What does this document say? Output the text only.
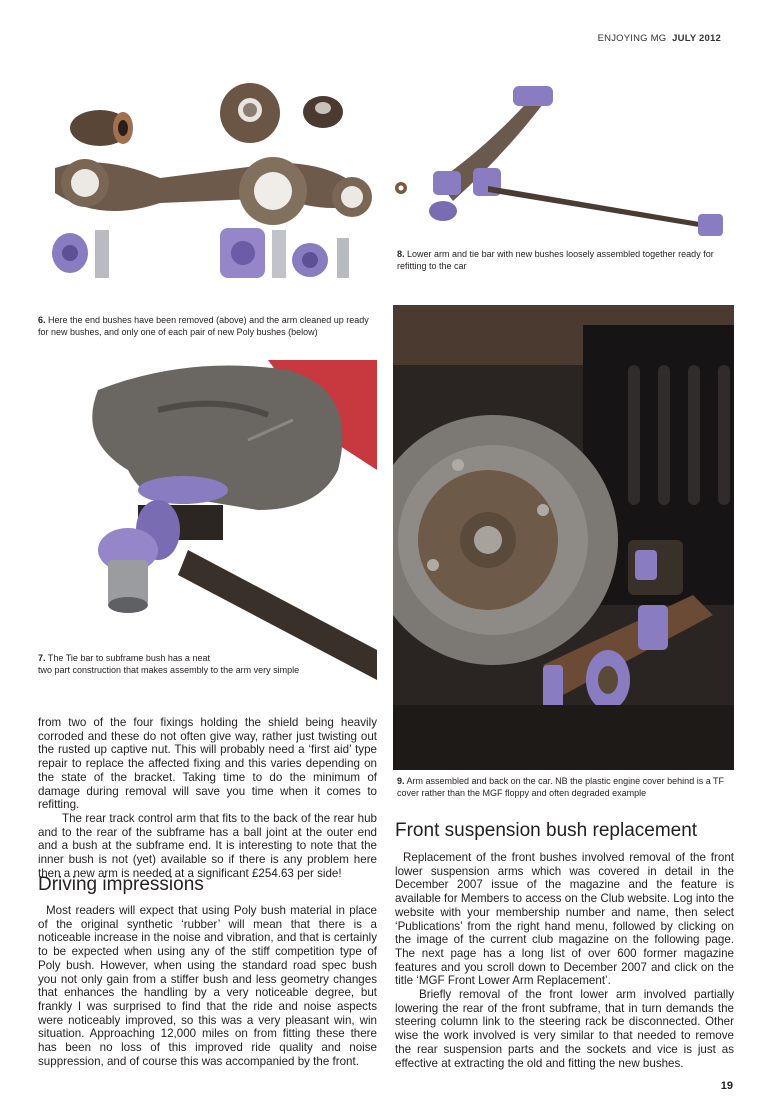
ENJOYING MG JULY 2012
6. Here the end bushes have been removed (above) and the arm cleaned up ready for new bushes, and only one of each pair of new Poly bushes (below)
7. The Tie bar to subframe bush has a neat
two part construction that makes assembly to the arm very simple
8. Lower arm and tie bar with new bushes loosely assembled together ready for refitting to the car
9. Arm assembled and back on the car. NB the plastic engine cover behind is a TF cover rather than the MGF floppy and often degraded example

from two of the four fixings holding the shield being heavily corroded and these do not often give way, rather just twisting out the rusted up captive nut. This will probably need a ‘first aid’ type repair to replace the affected fixing and this varies depending on the state of the bracket. Taking time to do the minimum of damage during removal will save you time when it comes to refitting.

The rear track control arm that fits to the back of the rear hub and to the rear of the subframe has a ball joint at the outer end and a bush at the subframe end. It is interesting to note that the inner bush is not (yet) available so if there is any problem here then a new arm is needed at a significant £254.63 per side!

Driving impressions

Most readers will expect that using Poly bush material in place of the original synthetic ‘rubber’ will mean that there is a noticeable increase in the noise and vibration, and that is certainly to be expected when using any of the stiff competition type of Poly bush. However, when using the standard road spec bush you not only gain from a stiffer bush and less geometry changes that enhances the handling by a very noticeable degree, but frankly I was surprised to find that the ride and noise aspects were noticeably improved, so this was a very pleasant win, win situation. Approaching 12,000 miles on from fitting these there has been no loss of this improved ride quality and noise suppression, and of course this was accompanied by the front.

Front suspension bush replacement

Replacement of the front bushes involved removal of the front lower suspension arms which was covered in detail in the December 2007 issue of the magazine and the feature is available for Members to access on the Club website. Log into the website with your membership number and name, then select ‘Publications’ from the right hand menu, followed by clicking on the image of the current club magazine on the following page. The next page has a long list of over 600 former magazine features and you scroll down to December 2007 and click on the title ‘MGF Front Lower Arm Replacement’.

Briefly removal of the front lower arm involved partially lowering the rear of the front subframe, that in turn demands the steering column link to the steering rack be disconnected. Other wise the work involved is very similar to that needed to remove the rear suspension parts and the sockets and vice is just as effective at extracting the old and fitting the new bushes.

19
